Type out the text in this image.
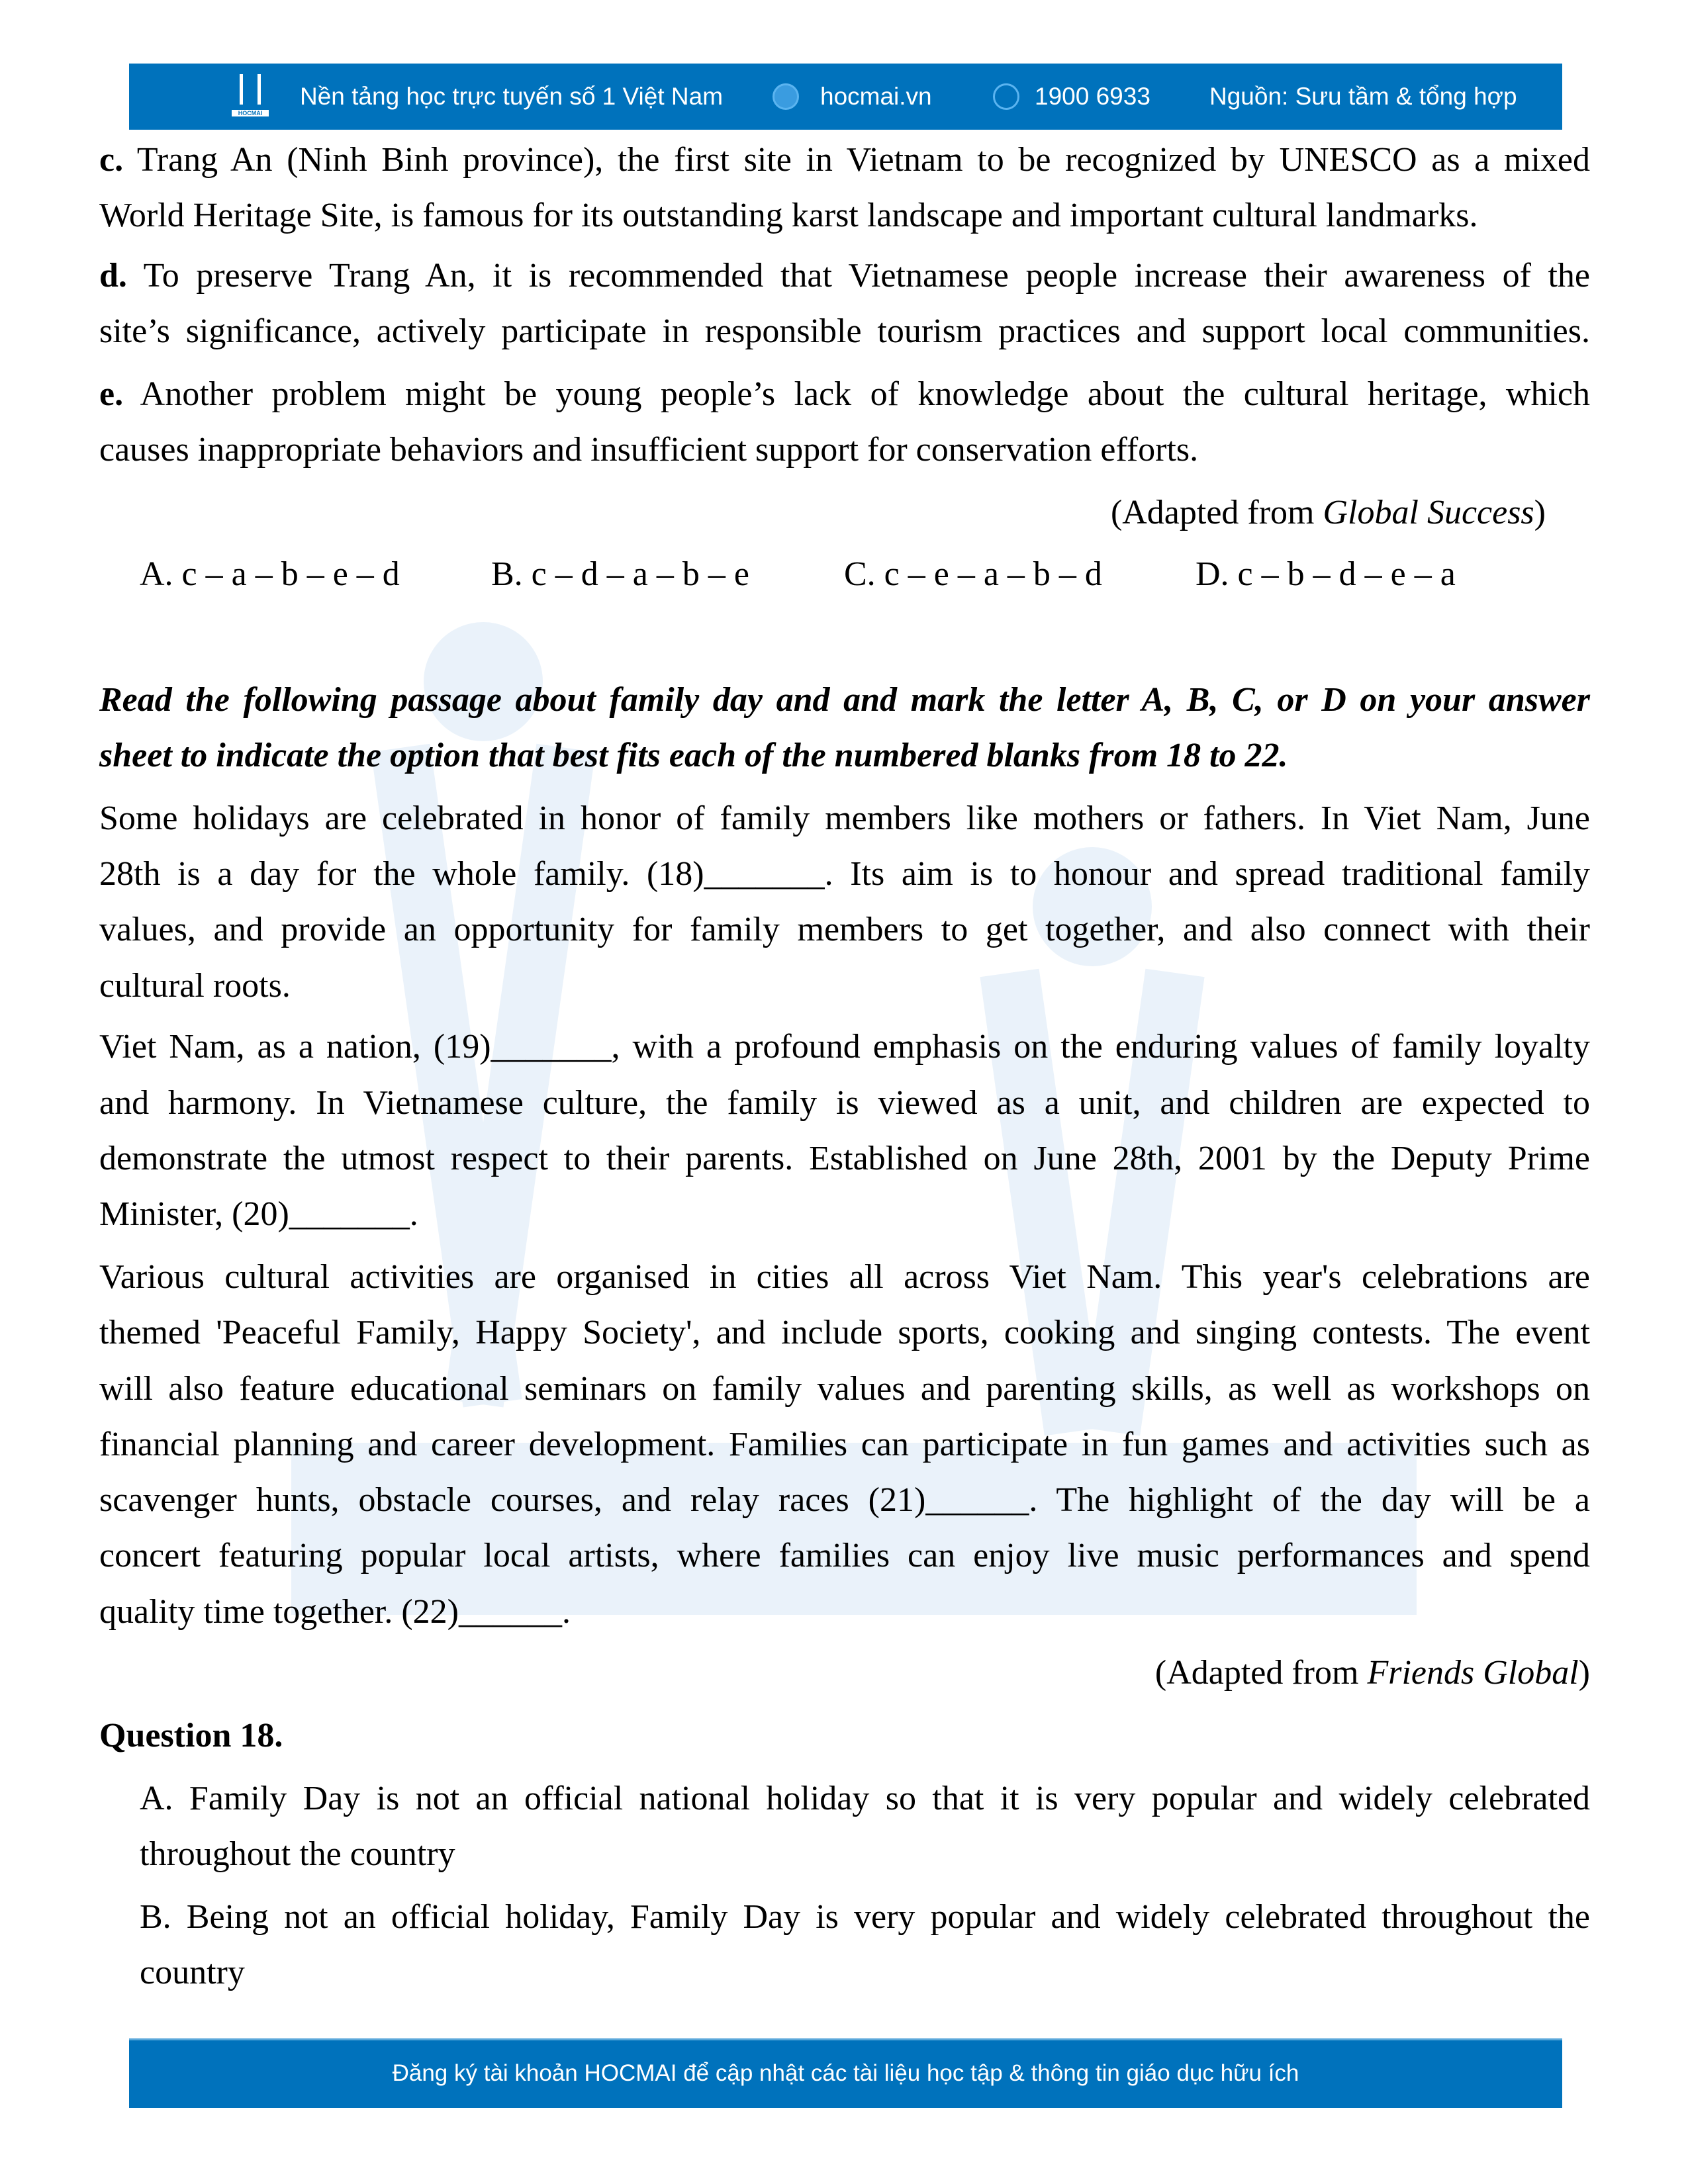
HOCMAI
Nền tảng học trực tuyến số 1 Việt Nam	hocmai.vn	1900 6933 Nguồn: Sưu tầm & tổng hợp
c. Trang An (Ninh Binh province), the first site in Vietnam to be recognized by UNESCO as a mixed
World Heritage Site, is famous for its outstanding karst landscape and important cultural landmarks.
d. To preserve Trang An, it is recommended that Vietnamese people increase their awareness of the
site’s significance, actively participate in responsible tourism practices and support local communities.
e. Another problem might be young people’s lack of knowledge about the cultural heritage, which
causes inappropriate behaviors and insufficient support for conservation efforts.
(Adapted from Global Success)
A. c – a – b – e – d	B. c – d – a – b – e	C. c – e – a – b – d	D. c – b – d – e – a
Read the following passage about family day and and mark the letter A, B, C, or D on your answer
sheet to indicate the option that best fits each of the numbered blanks from 18 to 22.
Some holidays are celebrated in honor of family members like mothers or fathers. In Viet Nam, June
28th is a day for the whole family. (18)_______. Its aim is to honour and spread traditional family
values, and provide an opportunity for family members to get together, and also connect with their
cultural roots.
Viet Nam, as a nation, (19)_______, with a profound emphasis on the enduring values of family loyalty
and harmony. In Vietnamese culture, the family is viewed as a unit, and children are expected to
demonstrate the utmost respect to their parents. Established on June 28th, 2001 by the Deputy Prime
Minister, (20)_______.
Various cultural activities are organised in cities all across Viet Nam. This year's celebrations are
themed 'Peaceful Family, Happy Society', and include sports, cooking and singing contests. The event
will also feature educational seminars on family values and parenting skills, as well as workshops on
financial planning and career development. Families can participate in fun games and activities such as
scavenger hunts, obstacle courses, and relay races (21)______. The highlight of the day will be a
concert featuring popular local artists, where families can enjoy live music performances and spend
quality time together. (22)______.
(Adapted from Friends Global)
Question 18.
A. Family Day is not an official national holiday so that it is very popular and widely celebrated
throughout the country
B. Being not an official holiday, Family Day is very popular and widely celebrated throughout the
country
Đăng ký tài khoản HOCMAI để cập nhật các tài liệu học tập & thông tin giáo dục hữu ích
